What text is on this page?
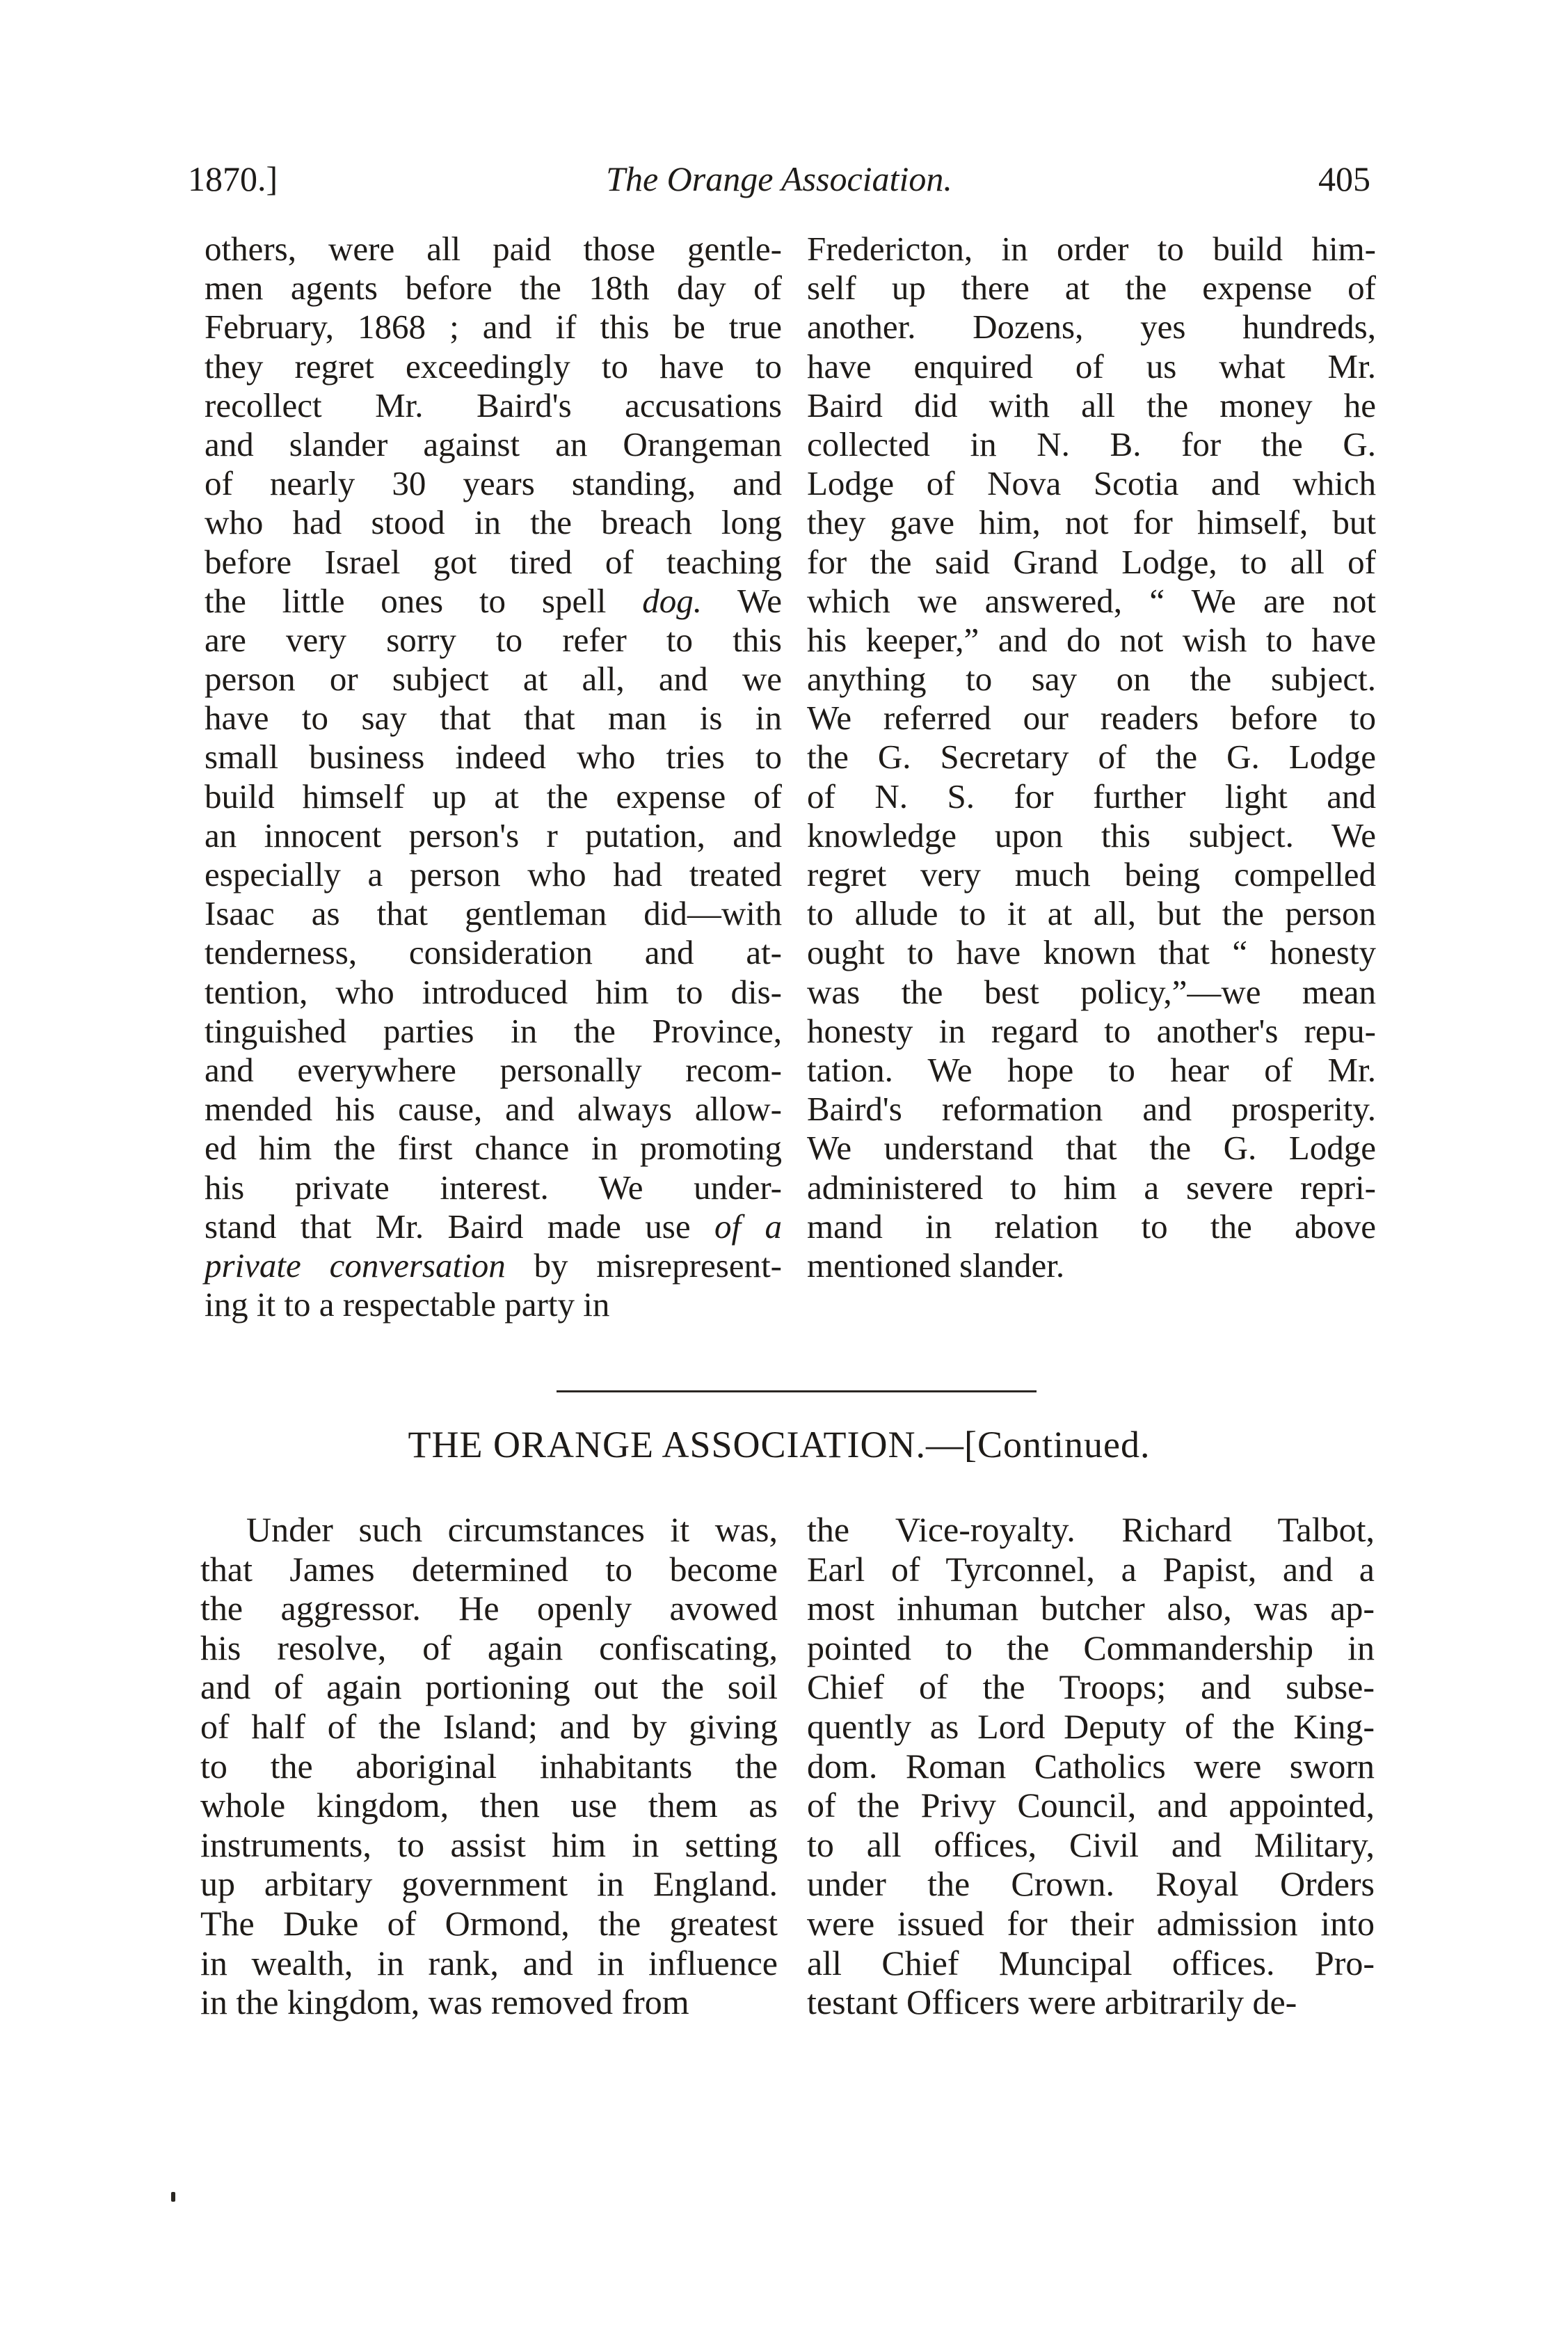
1870.]	The Orange Association.	405
others, were all paid those gentle-
men agents before the 18th day of
February, 1868 ; and if this be true
they regret exceedingly to have to
recollect Mr. Baird's accusations
and slander against an Orangeman
of nearly 30 years standing, and
who had stood in the breach long
before Israel got tired of teaching
the little ones to spell dog. We
are very sorry to refer to this
person or subject at all, and we
have to say that that man is in
small business indeed who tries to
build himself up at the expense of
an innocent person's r putation, and
especially a person who had treated
Isaac as that gentleman did—with
tenderness, consideration and at-
tention, who introduced him to dis-
tinguished parties in the Province,
and everywhere personally recom-
mended his cause, and always allow-
ed him the first chance in promoting
his private interest. We under-
stand that Mr. Baird made use of a
private conversation by misrepresent-
ing it to a respectable party in
Fredericton, in order to build him-
self up there at the expense of
another. Dozens, yes hundreds,
have enquired of us what Mr.
Baird did with all the money he
collected in N. B. for the G.
Lodge of Nova Scotia and which
they gave him, not for himself, but
for the said Grand Lodge, to all of
which we answered, “ We are not
his keeper,” and do not wish to have
anything to say on the subject.
We referred our readers before to
the G. Secretary of the G. Lodge
of N. S. for further light and
knowledge upon this subject. We
regret very much being compelled
to allude to it at all, but the person
ought to have known that “ honesty
was the best policy,”—we mean
honesty in regard to another's repu-
tation. We hope to hear of Mr.
Baird's reformation and prosperity.
We understand that the G. Lodge
administered to him a severe repri-
mand in relation to the above
mentioned slander.
THE ORANGE ASSOCIATION.—[Continued.
Under such circumstances it was,
that James determined to become
the aggressor. He openly avowed
his resolve, of again confiscating,
and of again portioning out the soil
of half of the Island; and by giving
to the aboriginal inhabitants the
whole kingdom, then use them as
instruments, to assist him in setting
up arbitary government in England.
The Duke of Ormond, the greatest
in wealth, in rank, and in influence
in the kingdom, was removed from
the Vice-royalty. Richard Talbot,
Earl of Tyrconnel, a Papist, and a
most inhuman butcher also, was ap-
pointed to the Commandership in
Chief of the Troops; and subse-
quently as Lord Deputy of the King-
dom. Roman Catholics were sworn
of the Privy Council, and appointed,
to all offices, Civil and Military,
under the Crown. Royal Orders
were issued for their admission into
all Chief Muncipal offices. Pro-
testant Officers were arbitrarily de-
